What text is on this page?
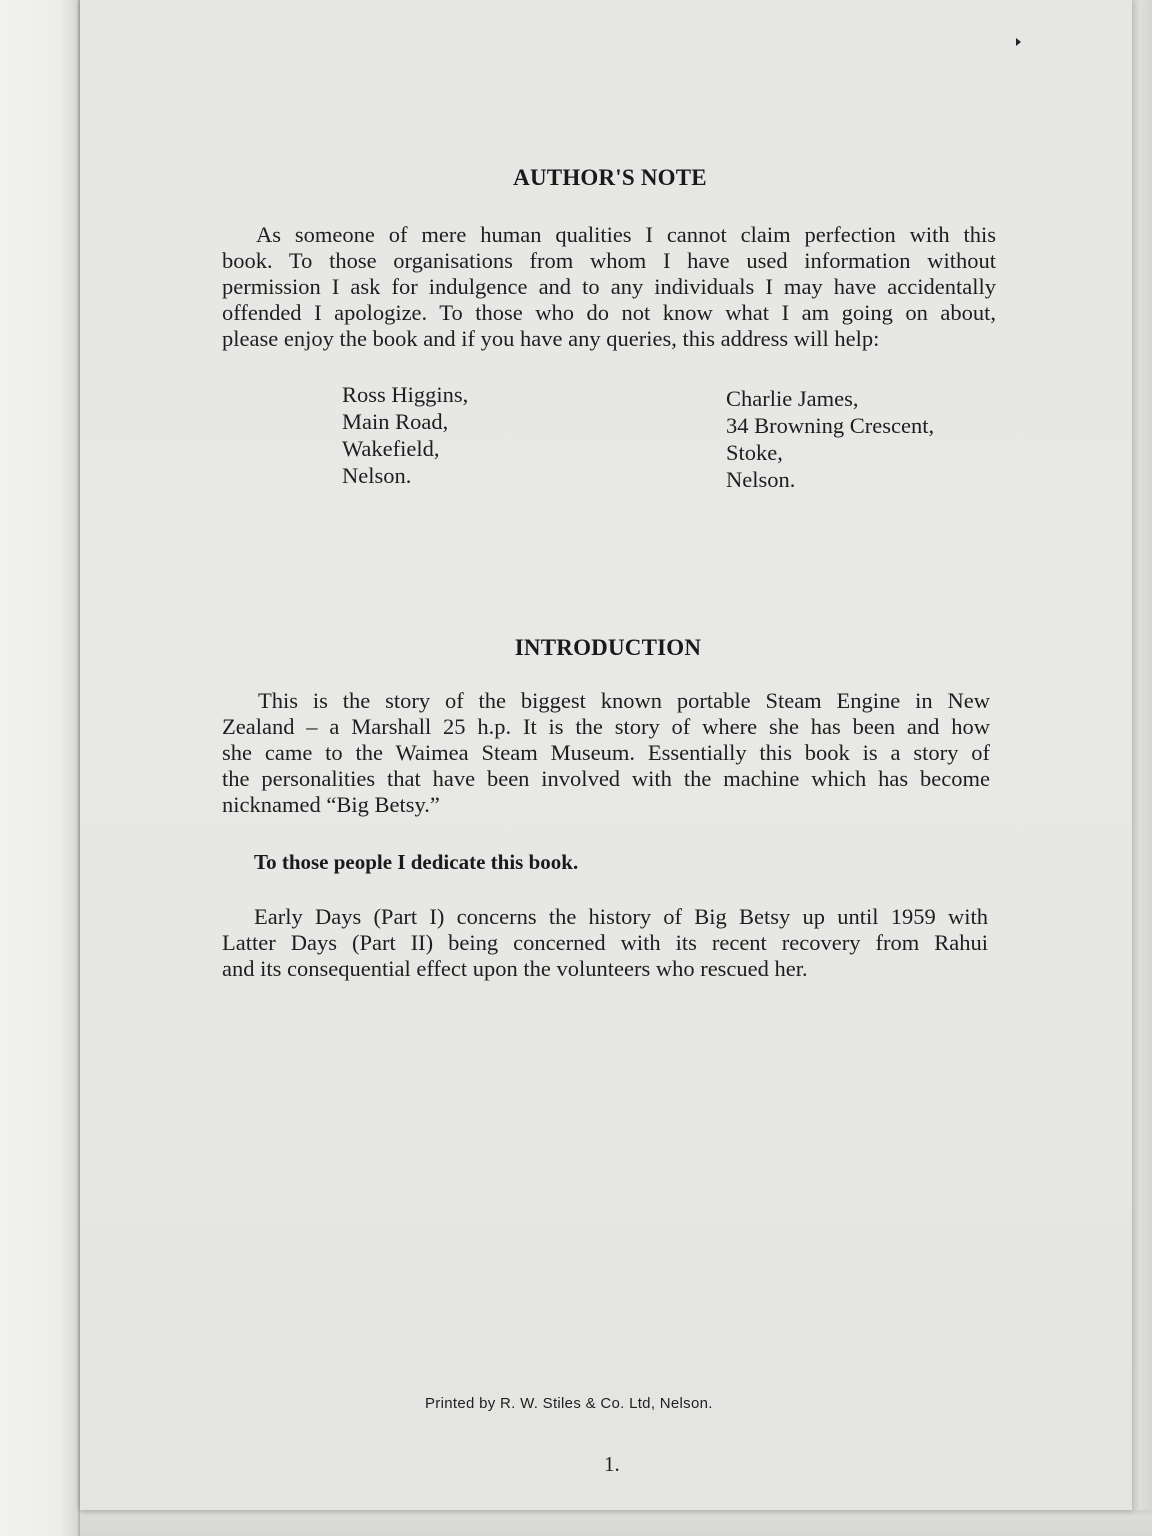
AUTHOR'S NOTE
As someone of mere human qualities I cannot claim perfection with this
book. To those organisations from whom I have used information without
permission I ask for indulgence and to any individuals I may have accidentally
offended I apologize. To those who do not know what I am going on about,
please enjoy the book and if you have any queries, this address will help:
Ross Higgins,
Main Road,
Wakefield,
Nelson.
Charlie James,
34 Browning Crescent,
Stoke,
Nelson.
INTRODUCTION
This is the story of the biggest known portable Steam Engine in New
Zealand – a Marshall 25 h.p. It is the story of where she has been and how
she came to the Waimea Steam Museum. Essentially this book is a story of
the personalities that have been involved with the machine which has become
nicknamed “Big Betsy.”
To those people I dedicate this book.
Early Days (Part I) concerns the history of Big Betsy up until 1959 with
Latter Days (Part II) being concerned with its recent recovery from Rahui
and its consequential effect upon the volunteers who rescued her.
Printed by R. W. Stiles & Co. Ltd, Nelson.
1.
